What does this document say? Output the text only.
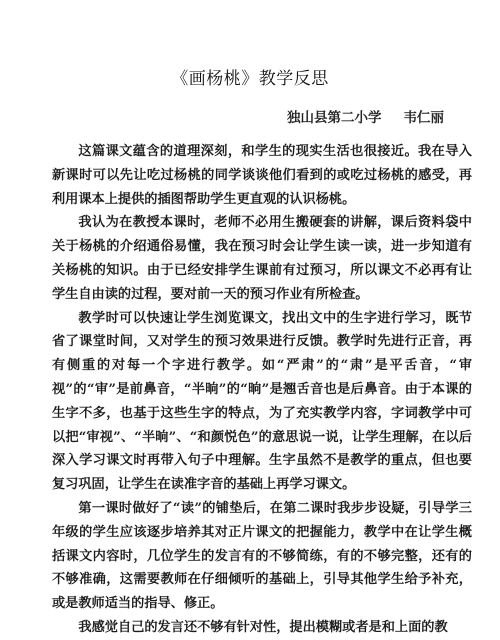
《画杨桃》教学反思
独山县第二小学 韦仁丽

这篇课文蕴含的道理深刻，和学生的现实生活也很接近。我在导入新课时可以先让吃过杨桃的同学谈谈他们看到的或吃过杨桃的感受，再利用课本上提供的插图帮助学生更直观的认识杨桃。

我认为在教授本课时，老师不必用生搬硬套的讲解，课后资料袋中关于杨桃的介绍通俗易懂，我在预习时会让学生读一读，进一步知道有关杨桃的知识。由于已经安排学生课前有过预习，所以课文不必再有让学生自由读的过程，要对前一天的预习作业有所检查。

教学时可以快速让学生浏览课文，找出文中的生字进行学习，既节省了课堂时间，又对学生的预习效果进行反馈。教学时先进行正音，再有侧重的对每一个字进行教学。如“严肃”的“肃”是平舌音，“审视”的“审”是前鼻音，“半晌”的“晌”是翘舌音也是后鼻音。由于本课的生字不多，也基于这些生字的特点，为了充实教学内容，字词教学中可以把“审视”、“半晌”、“和颜悦色”的意思说一说，让学生理解，在以后深入学习课文时再带入句子中理解。生字虽然不是教学的重点，但也要复习巩固，让学生在读准字音的基础上再学习课文。

第一课时做好了“读”的铺垫后，在第二课时我步步设疑，引导学三年级的学生应该逐步培养其对正片课文的把握能力，教学中在让学生概括课文内容时，几位学生的发言有的不够简练，有的不够完整，还有的不够准确，这需要教师在仔细倾听的基础上，引导其他学生给予补充，或是教师适当的指导、修正。

我感觉自己的发言还不够有针对性，提出模糊或者是和上面的教
